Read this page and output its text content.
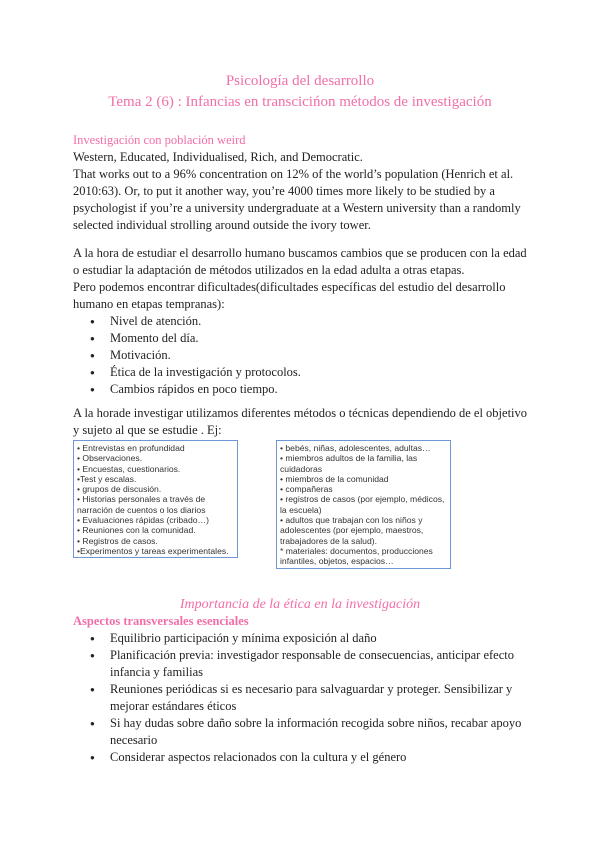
Psicología del desarrollo
Tema 2 (6) : Infancias en transcicińon métodos de investigación
Investigación con población weird
Western, Educated, Individualised, Rich, and Democratic.
That works out to a 96% concentration on 12% of the world’s population (Henrich et al. 2010:63). Or, to put it another way, you’re 4000 times more likely to be studied by a psychologist if you’re a university undergraduate at a Western university than a randomly selected individual strolling around outside the ivory tower.
A la hora de estudiar el desarrollo humano buscamos cambios que se producen con la edad o estudiar la adaptación de métodos utilizados en la edad adulta a otras etapas.
Pero podemos encontrar dificultades(dificultades específicas del estudio del desarrollo humano en etapas tempranas):
● Nivel de atención.
● Momento del día.
● Motivación.
● Ética de la investigación y protocolos.
● Cambios rápidos en poco tiempo.
A la horade investigar utilizamos diferentes métodos o técnicas dependiendo de el objetivo y sujeto al que se estudie . Ej:
• Entrevistas en profundidad
• Observaciones.
• Encuestas, cuestionarios.
•Test y escalas.
• grupos de discusión.
• Historias personales a través de narración de cuentos o los diarios
• Evaluaciones rápidas (cribado…)
• Reuniones con la comunidad.
• Registros de casos.
•Experimentos y tareas experimentales.
• bebés, niñas, adolescentes, adultas…
• miembros adultos de la familia, las cuidadoras
• miembros de la comunidad
• compañeras
• registros de casos (por ejemplo, médicos, la escuela)
• adultos que trabajan con los niños y adolescentes (por ejemplo, maestros, trabajadores de la salud).
* materiales: documentos, producciones infantiles, objetos, espacios…
Importancia de la ética en la investigación
Aspectos transversales esenciales
● Equilibrio participación y mínima exposición al daño
● Planificación previa: investigador responsable de consecuencias, anticipar efecto infancia y familias
● Reuniones periódicas si es necesario para salvaguardar y proteger. Sensibilizar y mejorar estándares éticos
● Si hay dudas sobre daño sobre la información recogida sobre niños, recabar apoyo necesario
● Considerar aspectos relacionados con la cultura y el género
